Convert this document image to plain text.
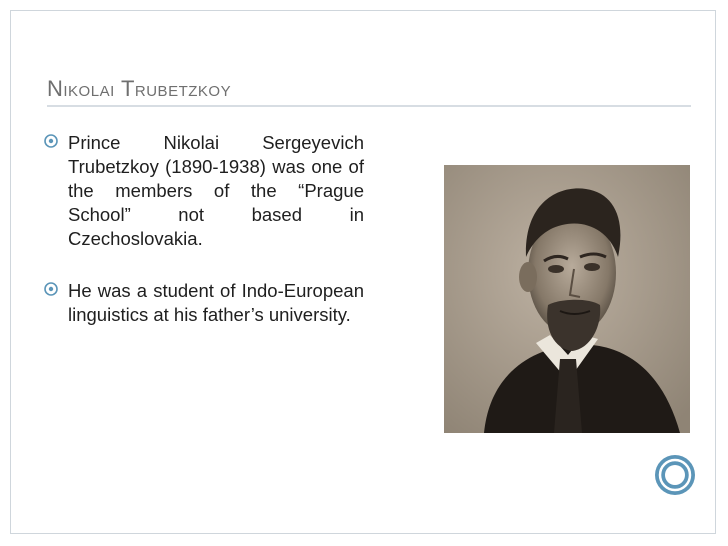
Nikolai Trubetzkoy
Prince Nikolai Sergeyevich Trubetzkoy (1890-1938) was one of the members of the “Prague School” not based in Czechoslovakia.
He was a student of Indo-European linguistics at his father’s university.
